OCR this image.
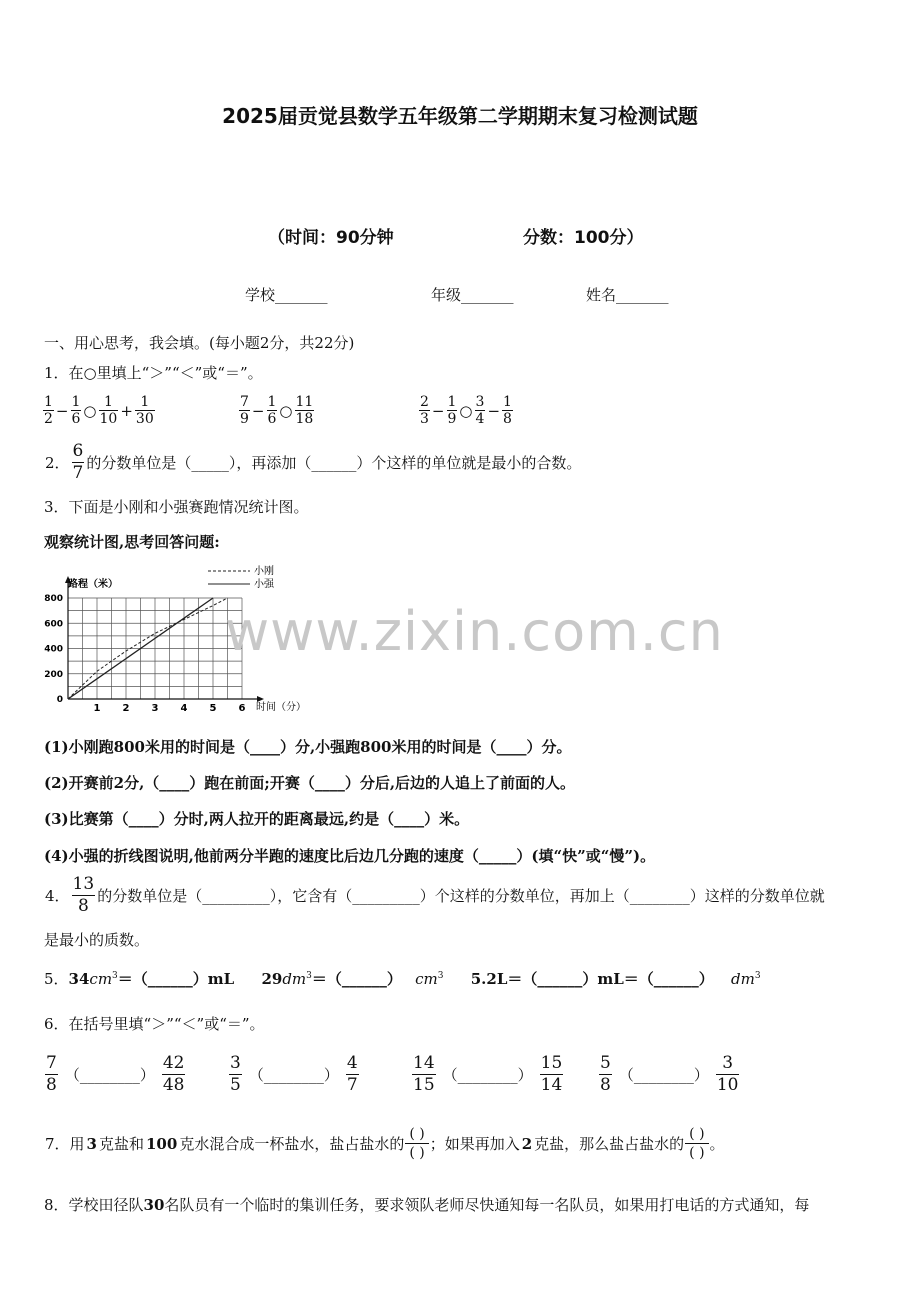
2025届贡觉县数学五年级第二学期期末复习检测试题
（时间：90分钟	分数：100分）
学校_______	年级_______	姓名_______
一、用心思考，我会填。(每小题2分，共22分)
1．在○里填上“＞”“＜”或“＝”。
$\frac{1}{2} - \frac{1}{6}$ ○ $\frac{1}{10} + \frac{1}{30}$	$\frac{7}{9} - \frac{1}{6}$ ○ $\frac{11}{18}$	$\frac{2}{3} - \frac{1}{9}$ ○ $\frac{3}{4} - \frac{1}{8}$
2． $\frac{6}{7}$ 的分数单位是（_____），再添加（______）个这样的单位就是最小的合数。
3．下面是小刚和小强赛跑情况统计图。
观察统计图,思考回答问题:
1 2 3 4 5 6
0
200
400
600
800
小刚
小强
路程（米）
时间（分）
(1)小刚跑800米用的时间是（____）分,小强跑800米用的时间是（____）分。
(2)开赛前2分,（____）跑在前面;开赛（____）分后,后边的人追上了前面的人。
(3)比赛第（____）分时,两人拉开的距离最远,约是（____）米。
(4)小强的折线图说明,他前两分半跑的速度比后边几分跑的速度（_____）(填“快”或“慢”)。
4． $\frac{13}{8}$ 的分数单位是（_________），它含有（_________）个这样的分数单位，再加上（________）这样的分数单位就
是最小的质数。
5．$34cm^3=(\_\_\_\_\_\_)mL$ $29dm^3=(\_\_\_\_\_\_)$ $cm^3$ 5.2L＝（______）mL＝（______） $dm^3$
6．在括号里填“＞”“＜”或“＝”。
$\frac{7}{8}$ （________） $\frac{42}{48}$	$\frac{3}{5}$ （________） $\frac{4}{7}$	$\frac{14}{15}$ （________） $\frac{15}{14} \frac{5}{8}$ （________） $\frac{3}{10}$
7．用 3 克盐和 100 克水混合成一杯盐水，盐占盐水的
( )
( ) ；如果再加入 2 克盐，那么盐占盐水的
( )
( ) 。
8．学校田径队30名队员有一个临时的集训任务，要求领队老师尽快通知每一名队员，如果用打电话的方式通知，每
www.zixin.com.cn
